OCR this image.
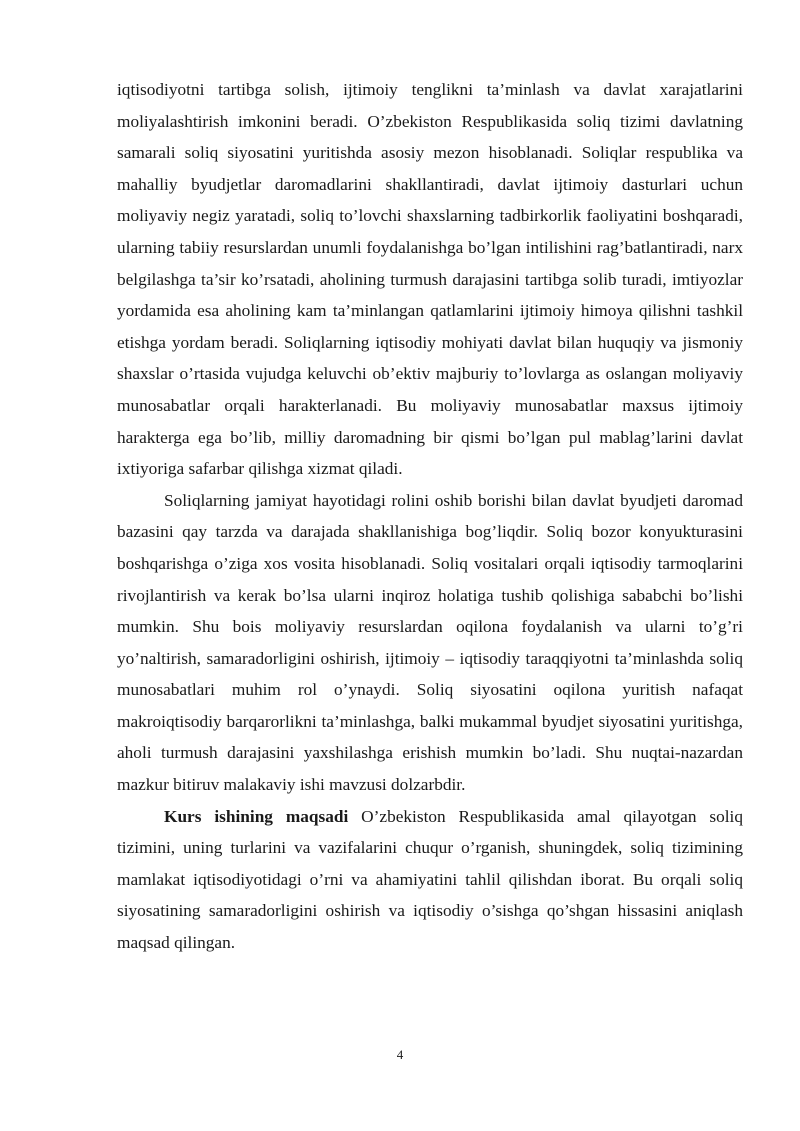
iqtisodiyotni tartibga solish, ijtimoiy tenglikni ta’minlash va davlat xarajatlarini moliyalashtirish imkonini beradi. O’zbekiston Respublikasida soliq tizimi davlatning samarali soliq siyosatini yuritishda asosiy mezon hisoblanadi. Soliqlar respublika va mahalliy byudjetlar daromadlarini shakllantiradi, davlat ijtimoiy dasturlari uchun moliyaviy negiz yaratadi, soliq to’lovchi shaxslarning tadbirkorlik faoliyatini boshqaradi, ularning tabiiy resurslardan unumli foydalanishga bo’lgan intilishini rag’batlantiradi, narx belgilashga ta’sir ko’rsatadi, aholining turmush darajasini tartibga solib turadi, imtiyozlar yordamida esa aholining kam ta’minlangan qatlamlarini ijtimoiy himoya qilishni tashkil etishga yordam beradi. Soliqlarning iqtisodiy mohiyati davlat bilan huquqiy va jismoniy shaxslar o’rtasida vujudga keluvchi ob’ektiv majburiy to’lovlarga as oslangan moliyaviy munosabatlar orqali harakterlanadi. Bu moliyaviy munosabatlar maxsus ijtimoiy harakterga ega bo’lib, milliy daromadning bir qismi bo’lgan pul mablag’larini davlat ixtiyoriga safarbar qilishga xizmat qiladi.

Soliqlarning jamiyat hayotidagi rolini oshib borishi bilan davlat byudjeti daromad bazasini qay tarzda va darajada shakllanishiga bog’liqdir. Soliq bozor konyukturasini boshqarishga o’ziga xos vosita hisoblanadi. Soliq vositalari orqali iqtisodiy tarmoqlarini rivojlantirish va kerak bo’lsa ularni inqiroz holatiga tushib qolishiga sababchi bo’lishi mumkin. Shu bois moliyaviy resurslardan oqilona foydalanish va ularni to’g’ri yo’naltirish, samaradorligini oshirish, ijtimoiy – iqtisodiy taraqqiyotni ta’minlashda soliq munosabatlari muhim rol o’ynaydi. Soliq siyosatini oqilona yuritish nafaqat makroiqtisodiy barqarorlikni ta’minlashga, balki mukammal byudjet siyosatini yuritishga, aholi turmush darajasini yaxshilashga erishish mumkin bo’ladi. Shu nuqtai-nazardan mazkur bitiruv malakaviy ishi mavzusi dolzarbdir.

Kurs ishining maqsadi O’zbekiston Respublikasida amal qilayotgan soliq tizimini, uning turlarini va vazifalarini chuqur o’rganish, shuningdek, soliq tizimining mamlakat iqtisodiyotidagi o’rni va ahamiyatini tahlil qilishdan iborat. Bu orqali soliq siyosatining samaradorligini oshirish va iqtisodiy o’sishga qo’shgan hissasini aniqlash maqsad qilingan.

4
